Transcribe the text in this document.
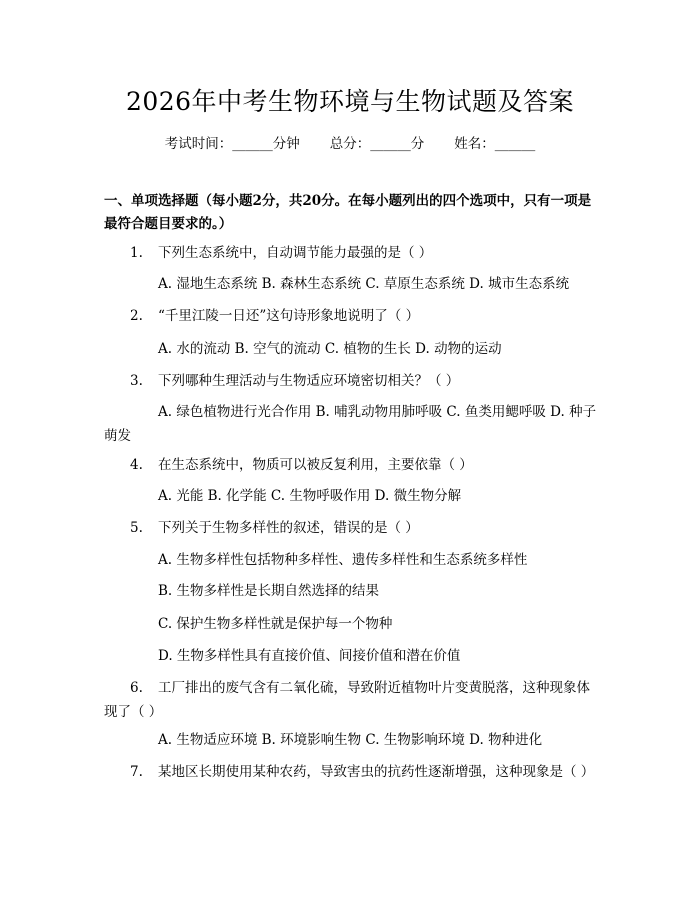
2026年中考生物环境与生物试题及答案
考试时间：______分钟 总分：______分 姓名：______
一、单项选择题（每小题2分，共20分。在每小题列出的四个选项中，只有一项是最符合题目要求的。）
1. 下列生态系统中，自动调节能力最强的是（ ）
A. 湿地生态系统 B. 森林生态系统 C. 草原生态系统 D. 城市生态系统
2. “千里江陵一日还”这句诗形象地说明了（ ）
A. 水的流动 B. 空气的流动 C. 植物的生长 D. 动物的运动
3. 下列哪种生理活动与生物适应环境密切相关？（ ）
A. 绿色植物进行光合作用 B. 哺乳动物用肺呼吸 C. 鱼类用鳃呼吸 D. 种子萌发
4. 在生态系统中，物质可以被反复利用，主要依靠（ ）
A. 光能 B. 化学能 C. 生物呼吸作用 D. 微生物分解
5. 下列关于生物多样性的叙述，错误的是（ ）
A. 生物多样性包括物种多样性、遗传多样性和生态系统多样性
B. 生物多样性是长期自然选择的结果
C. 保护生物多样性就是保护每一个物种
D. 生物多样性具有直接价值、间接价值和潜在价值
6. 工厂排出的废气含有二氧化硫，导致附近植物叶片变黄脱落，这种现象体现了（ ）
A. 生物适应环境 B. 环境影响生物 C. 生物影响环境 D. 物种进化
7. 某地区长期使用某种农药，导致害虫的抗药性逐渐增强，这种现象是（ ）
